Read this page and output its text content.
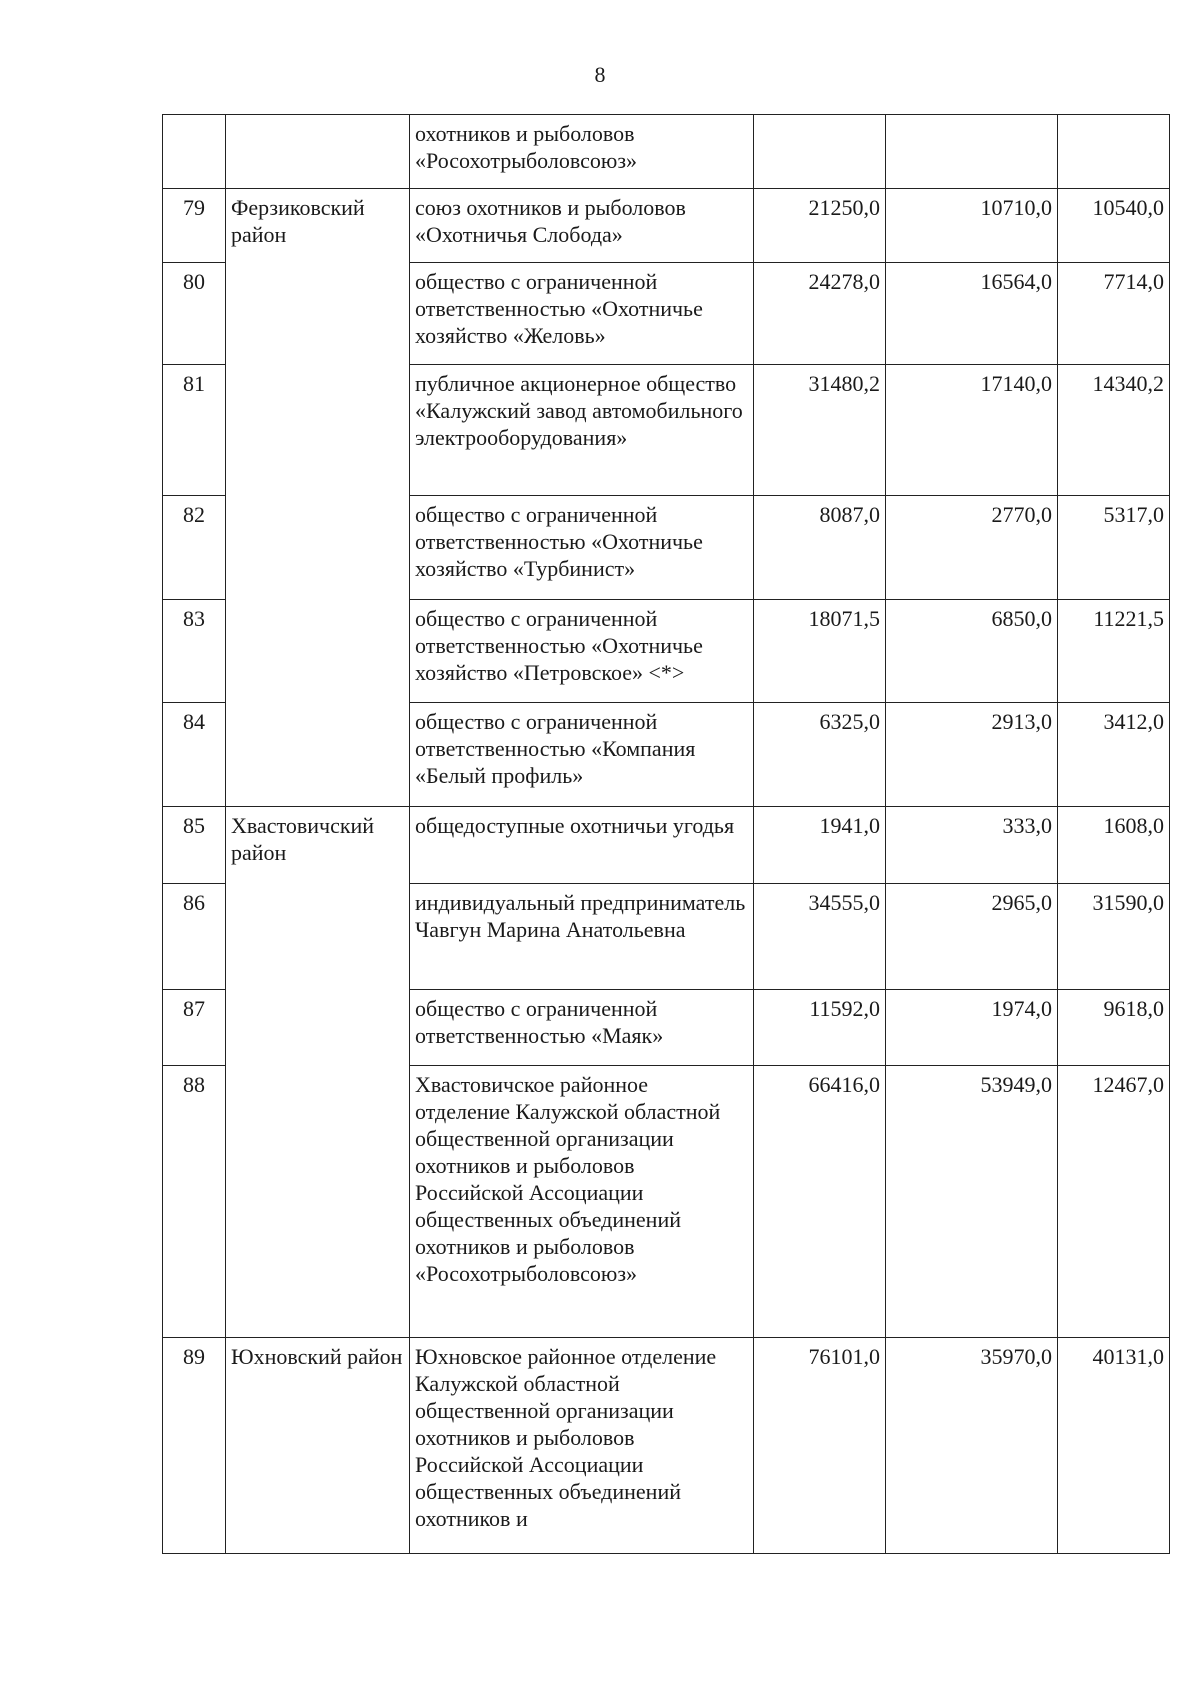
8
		охотников и рыболовов «Росохотрыболовсоюз»			
79	Ферзиковский район	союз охотников и рыболовов «Охотничья Слобода»	21250,0	10710,0	10540,0
80		общество с ограниченной ответственностью «Охотничье хозяйство «Желовь»	24278,0	16564,0	7714,0
81		публичное акционерное общество «Калужский завод автомобильного электрооборудования»	31480,2	17140,0	14340,2
82		общество с ограниченной ответственностью «Охотничье хозяйство «Турбинист»	8087,0	2770,0	5317,0
83		общество с ограниченной ответственностью «Охотничье хозяйство «Петровское» <*>	18071,5	6850,0	11221,5
84		общество с ограниченной ответственностью «Компания «Белый профиль»	6325,0	2913,0	3412,0
85	Хвастовичский район	общедоступные охотничьи угодья	1941,0	333,0	1608,0
86		индивидуальный предприниматель Чавгун Марина Анатольевна	34555,0	2965,0	31590,0
87		общество с ограниченной ответственностью «Маяк»	11592,0	1974,0	9618,0
88		Хвастовичское районное отделение Калужской областной общественной организации охотников и рыболовов Российской Ассоциации общественных объединений охотников и рыболовов «Росохотрыболовсоюз»	66416,0	53949,0	12467,0
89	Юхновский район	Юхновское районное отделение Калужской областной общественной организации охотников и рыболовов Российской Ассоциации общественных объединений охотников и	76101,0	35970,0	40131,0
